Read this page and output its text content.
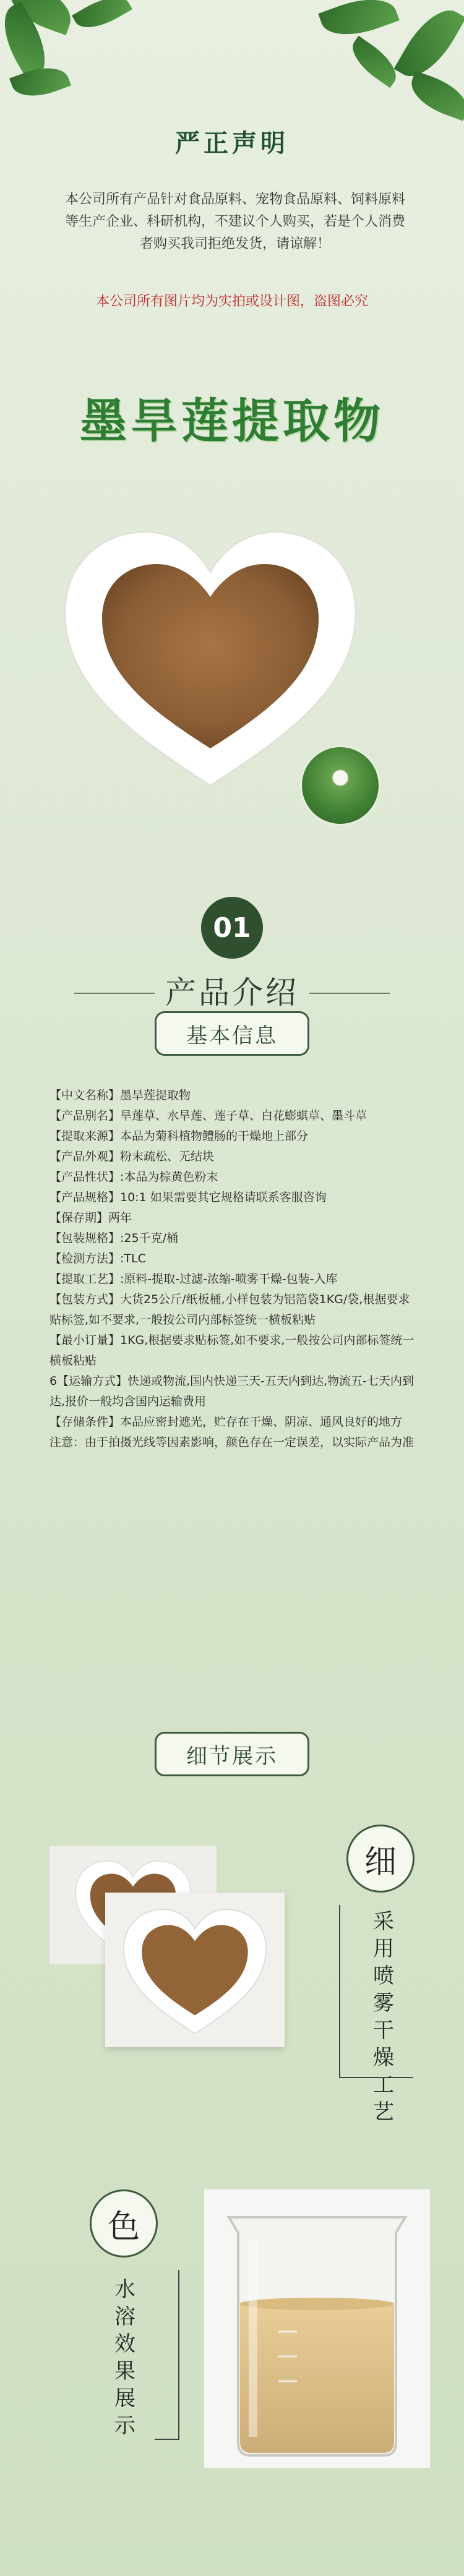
严正声明
本公司所有产品针对食品原料、宠物食品原料、饲料原料等生产企业、科研机构，不建议个人购买，若是个人消费者购买我司拒绝发货，请谅解！
本公司所有图片均为实拍或设计图，盗图必究
墨旱莲提取物
01
产品介绍
基本信息
【中文名称】墨旱莲提取物
【产品别名】旱莲草、水旱莲、莲子草、白花蟛蜞草、墨斗草
【提取来源】本品为菊科植物鳢肠的干燥地上部分
【产品外观】粉末疏松、无结块
【产品性状】:本品为棕黄色粉末
【产品规格】10:1 如果需要其它规格请联系客服咨询
【保存期】两年
【包装规格】:25千克/桶
【检测方法】:TLC
【提取工艺】:原料-提取-过滤-浓缩-喷雾干燥-包装-入库
【包装方式】大货25公斤/纸板桶,小样包装为铝箔袋1KG/袋,根据要求贴标签,如不要求,一般按公司内部标签统一横板粘贴
【最小订量】1KG,根据要求贴标签,如不要求,一般按公司内部标签统一横板粘贴
6【运输方式】快递或物流,国内快递三天-五天内到达,物流五-七天内到达,报价一般均含国内运输费用
【存储条件】本品应密封遮光，贮存在干燥、阴凉、通风良好的地方
注意：由于拍摄光线等因素影响，颜色存在一定误差，以实际产品为准
细节展示
细
采用喷雾干燥工艺
色
水溶效果展示
